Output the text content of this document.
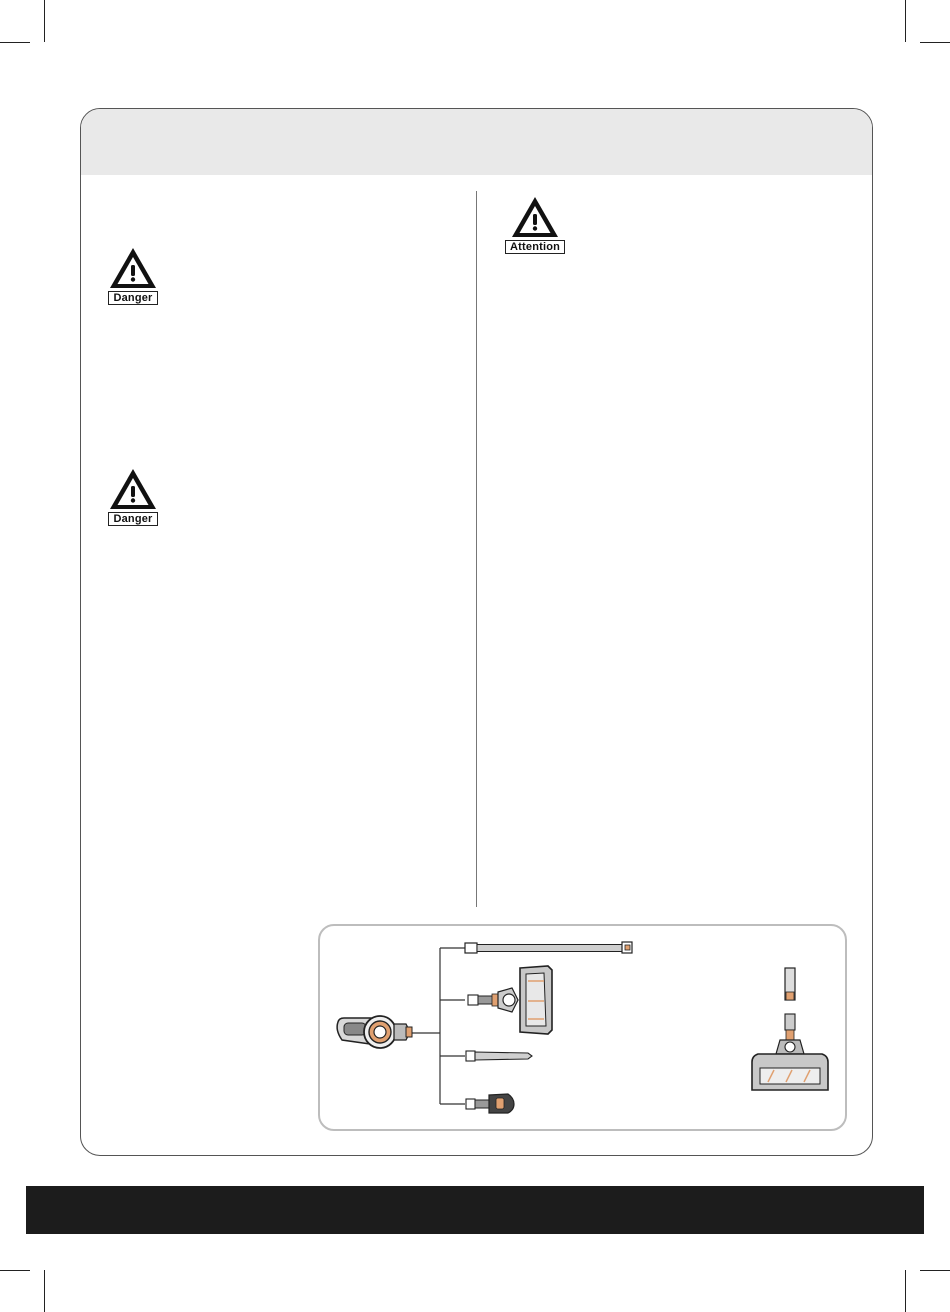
Danger
Danger
Attention
